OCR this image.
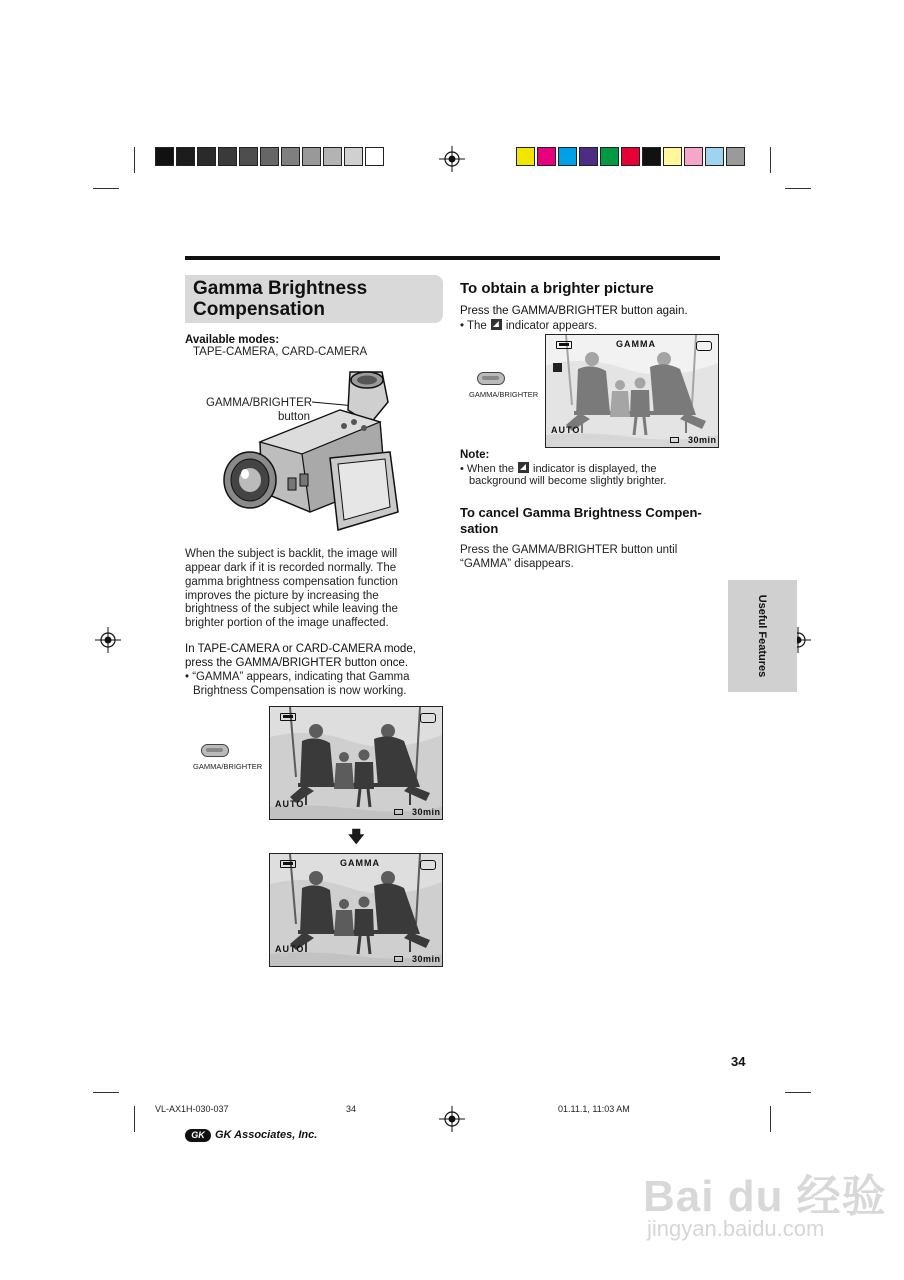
Gamma Brightness
Compensation
Available modes:
TAPE-CAMERA, CARD-CAMERA
GAMMA/BRIGHTER
button
When the subject is backlit, the image will
appear dark if it is recorded normally. The
gamma brightness compensation function
improves the picture by increasing the
brightness of the subject while leaving the
brighter portion of the image unaffected.
In TAPE-CAMERA or CARD-CAMERA mode,
press the GAMMA/BRIGHTER button once.
• “GAMMA” appears, indicating that Gamma
Brightness Compensation is now working.
GAMMA/BRIGHTER
AUTO
30min
🡇
GAMMA
AUTO
30min
To obtain a brighter picture
Press the GAMMA/BRIGHTER button again.
• The indicator appears.
GAMMA/BRIGHTER
GAMMA
AUTO
30min
Note:
• When the indicator is displayed, the
background will become slightly brighter.
To cancel Gamma Brightness Compen-
sation
Press the GAMMA/BRIGHTER button until
“GAMMA” disappears.
Useful Features
34
VL-AX1H-030-037	34	01.11.1, 11:03 AM
GK GK Associates, Inc.
Bai du 经验
jingyan.baidu.com
